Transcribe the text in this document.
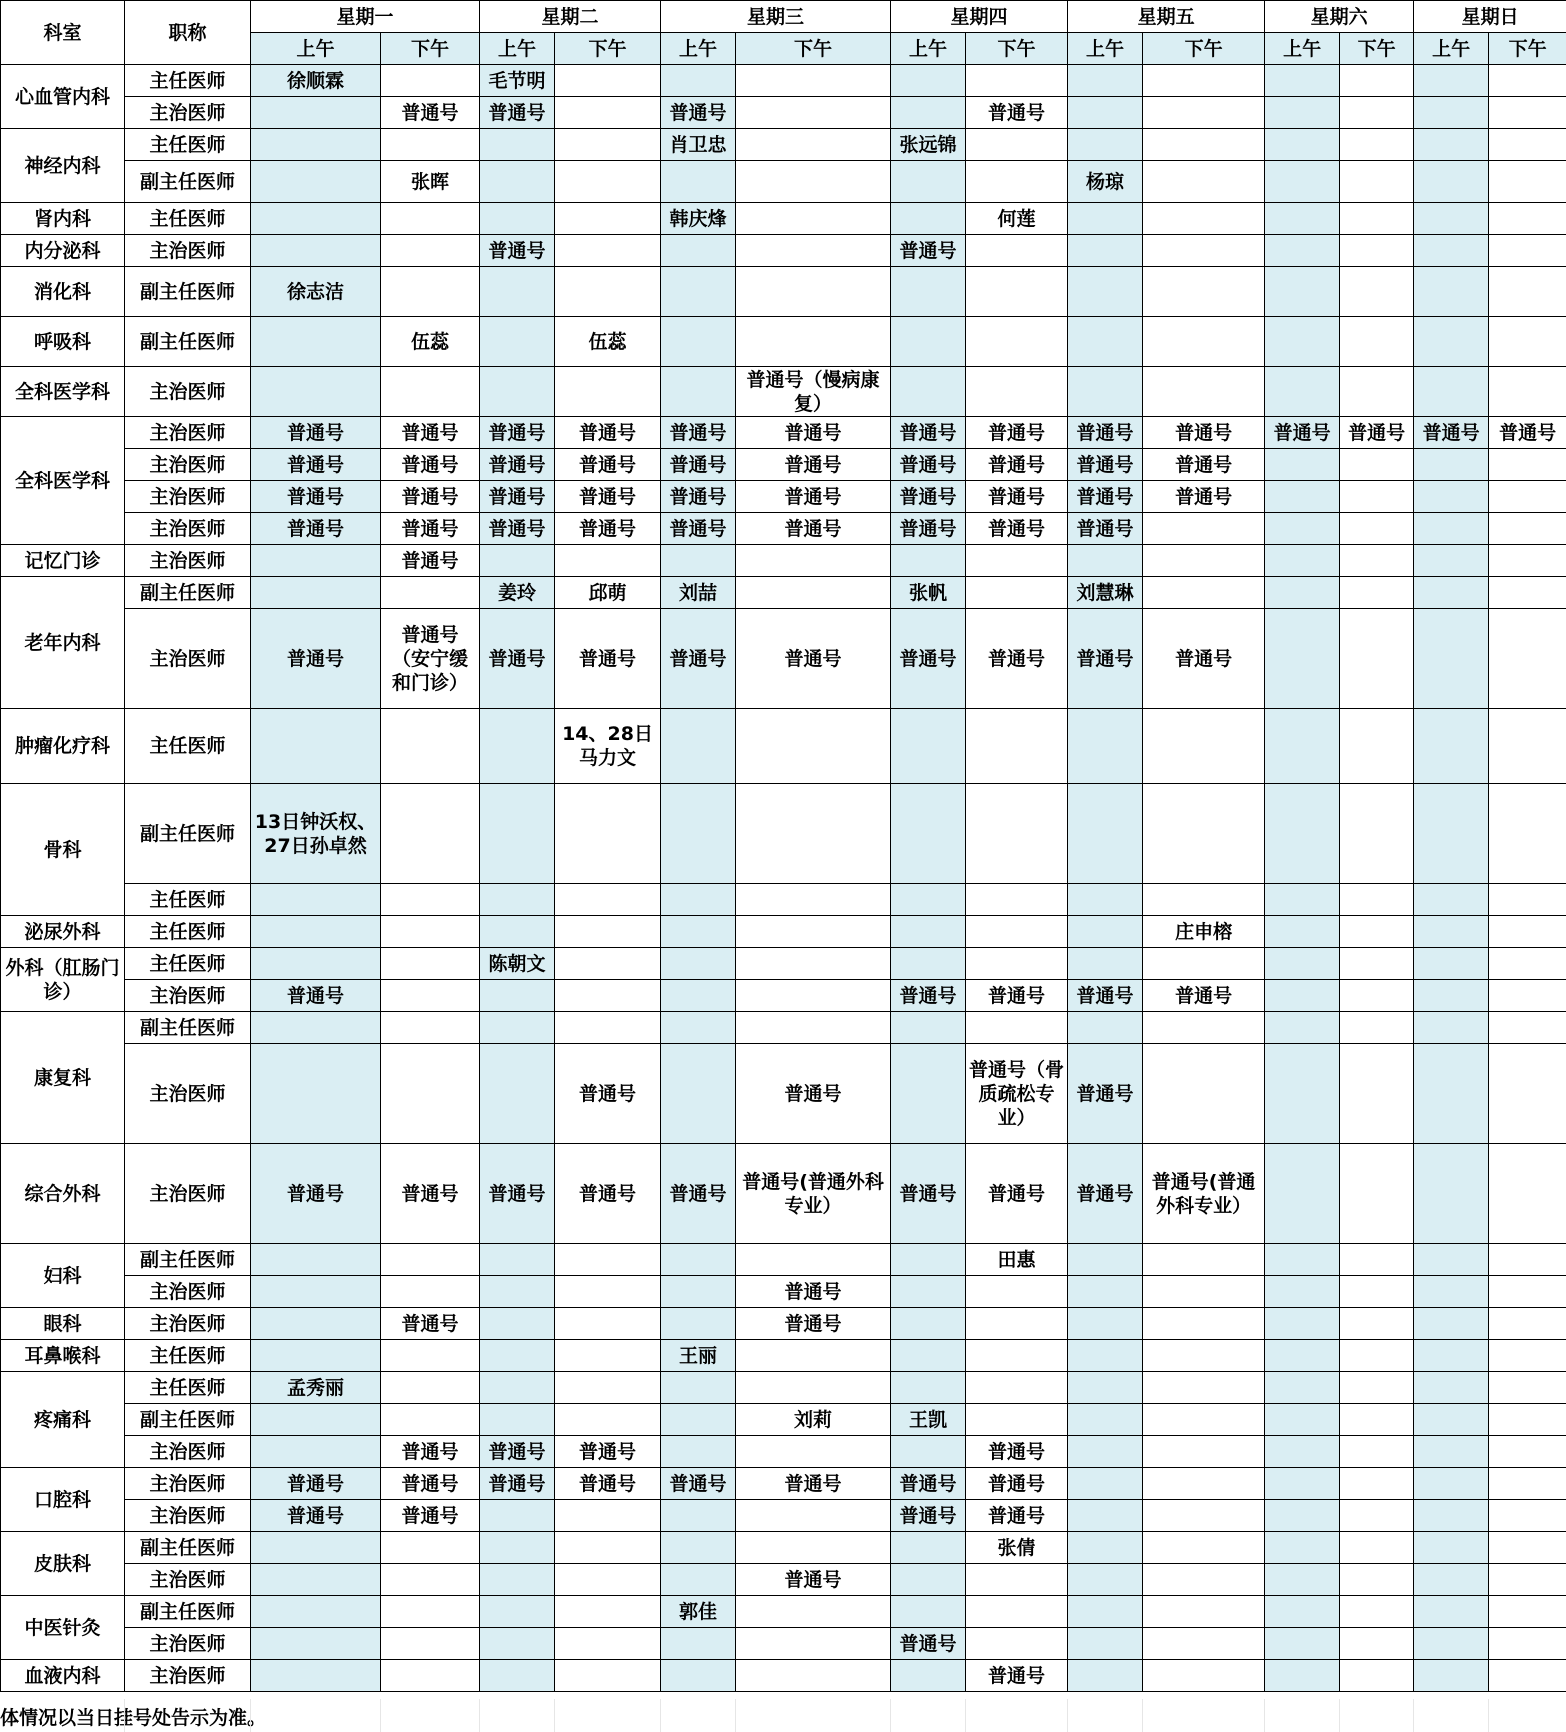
科室	职称	星期一		星期二		星期三		星期四		星期五		星期六		星期日	
		上午	下午	上午	下午	上午	下午	上午	下午	上午	下午	上午	下午	上午	下午
心血管内科	主任医师	徐顺霖		毛节明											
	主治医师		普通号	普通号		普通号			普通号						
神经内科	主任医师					肖卫忠		张远锦							
	副主任医师		张晖							杨琼					
肾内科	主任医师					韩庆烽			何莲						
内分泌科	主治医师			普通号				普通号							
消化科	副主任医师	徐志洁													
呼吸科	副主任医师		伍蕊		伍蕊										
全科医学科	主治医师						普通号（慢病康复）								
全科医学科	主治医师	普通号	普通号	普通号	普通号	普通号	普通号	普通号	普通号	普通号	普通号	普通号	普通号	普通号	普通号
	主治医师	普通号	普通号	普通号	普通号	普通号	普通号	普通号	普通号	普通号	普通号				
	主治医师	普通号	普通号	普通号	普通号	普通号	普通号	普通号	普通号	普通号	普通号				
	主治医师	普通号	普通号	普通号	普通号	普通号	普通号	普通号	普通号	普通号					
记忆门诊	主治医师		普通号												
老年内科	副主任医师			姜玲	邱萌	刘喆		张帆		刘慧琳					
	主治医师	普通号	普通号（安宁缓和门诊）	普通号	普通号	普通号	普通号	普通号	普通号	普通号	普通号				
肿瘤化疗科	主任医师				14、28日马力文										
骨科	副主任医师	13日钟沃权、27日孙卓然													
	主任医师														
泌尿外科	主任医师										庄申榕				
外科（肛肠门诊）	主任医师			陈朝文											
	主治医师	普通号						普通号	普通号	普通号	普通号				
康复科	副主任医师														
	主治医师				普通号		普通号		普通号（骨质疏松专业）	普通号					
综合外科	主治医师	普通号	普通号	普通号	普通号	普通号	普通号(普通外科专业）	普通号	普通号	普通号	普通号(普通外科专业）				
妇科	副主任医师								田惠						
	主治医师						普通号								
眼科	主治医师		普通号				普通号								
耳鼻喉科	主任医师					王丽									
疼痛科	主任医师	孟秀丽													
	副主任医师						刘莉	王凯							
	主治医师		普通号	普通号	普通号				普通号						
口腔科	主治医师	普通号	普通号	普通号	普通号	普通号	普通号	普通号	普通号						
	主治医师	普通号	普通号					普通号	普通号						
皮肤科	副主任医师								张倩						
	主治医师						普通号								
中医针灸	副主任医师					郭佳									
	主治医师							普通号							
血液内科	主治医师								普通号						
体情况以当日挂号处告示为准。
